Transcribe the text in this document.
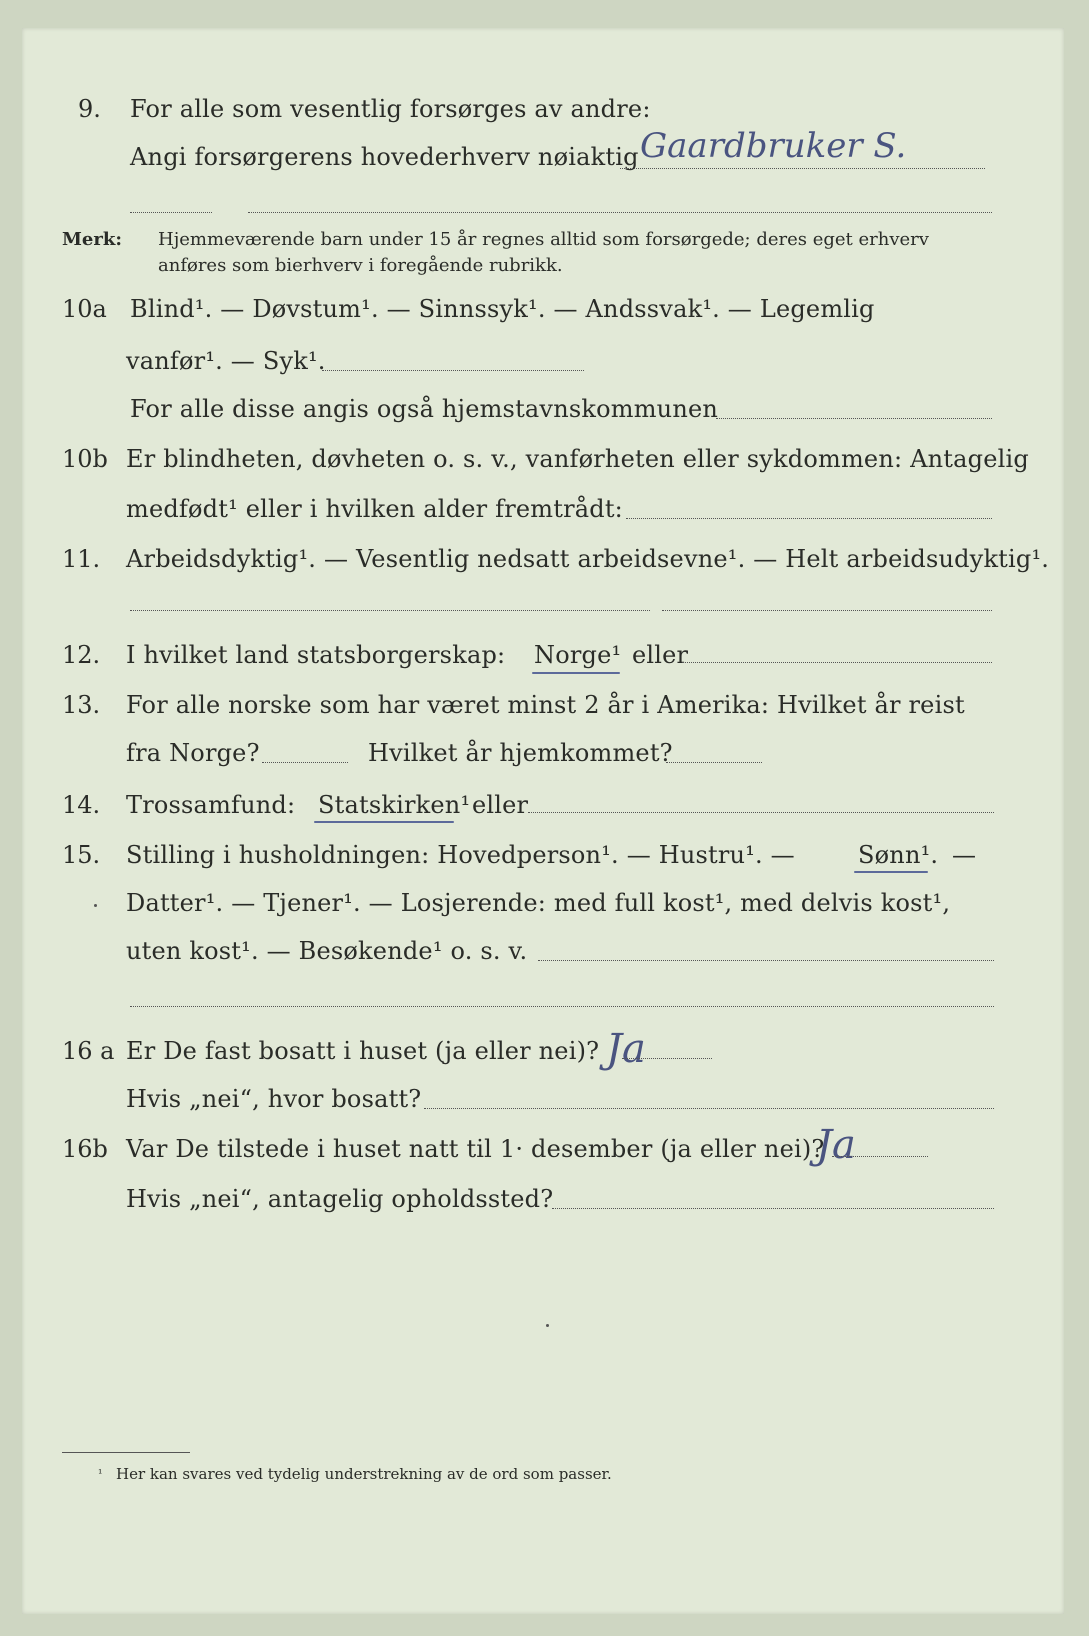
9. For alle som vesentlig forsørges av andre:
Angi forsørgerens hovederhverv nøiaktig Gaardbruker S.
Merk: Hjemmeværende barn under 15 år regnes alltid som forsørgede; deres eget erhverv
anføres som bierhverv i foregående rubrikk.
10a Blind¹. — Døvstum¹. — Sinnssyk¹. — Andssvak¹. — Legemlig
vanfør¹. — Syk¹.
For alle disse angis også hjemstavnskommunen
10b Er blindheten, døvheten o. s. v., vanførheten eller sykdommen: Antagelig
medfødt¹ eller i hvilken alder fremtrådt:
11. Arbeidsdyktig¹. — Vesentlig nedsatt arbeidsevne¹. — Helt arbeidsudyktig¹.
12. I hvilket land statsborgerskap: Norge¹ eller
13. For alle norske som har været minst 2 år i Amerika: Hvilket år reist
fra Norge?	Hvilket år hjemkommet?
14. Trossamfund: Statskirken¹ eller
15. Stilling i husholdningen: Hovedperson¹. — Hustru¹. —	Sønn¹. —
Datter¹. — Tjener¹. — Losjerende: med full kost¹, med delvis kost¹,
uten kost¹. — Besøkende¹ o. s. v.
16 a Er De fast bosatt i huset (ja eller nei)? Ja
Hvis „nei“, hvor bosatt?
16b Var De tilstede i huset natt til 1· desember (ja eller nei)?
Ja
Hvis „nei“, antagelig opholdssted?
¹ Her kan svares ved tydelig understrekning av de ord som passer.
